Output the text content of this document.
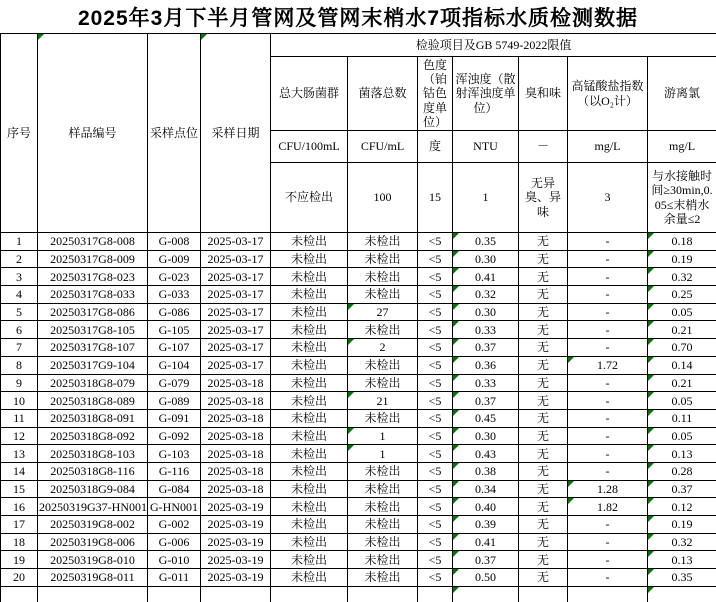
2025年3月下半月管网及管网末梢水7项指标水质检测数据
序号	样品编号	采样点位	采样日期	检验项目及GB 5749-2022限值						
				总大肠菌群	菌落总数	色度（铂钴色度单位）	浑浊度（散射浑浊度单位）	臭和味	高锰酸盐指数（以O₂计）	游离氯
				CFU/100mL	CFU/mL	度	NTU	－	mg/L	mg/L
				不应检出	100	15	1	无异臭、异味	3	与水接触时间≥30min,0.05≤末梢水余量≤2
1	20250317G8-008	G-008	2025-03-17	未检出	未检出	<5	0.35	无	-	0.18

2	20250317G8-009	G-009	2025-03-17	未检出	未检出	<5	0.30	无	-	0.19

3	20250317G8-023	G-023	2025-03-17	未检出	未检出	<5	0.41	无	-	0.32

4	20250317G8-033	G-033	2025-03-17	未检出	未检出	<5	0.32	无	-	0.25

5	20250317G8-086	G-086	2025-03-17	未检出	27	<5	0.30	无	-	0.05

6	20250317G8-105	G-105	2025-03-17	未检出	未检出	<5	0.33	无	-	0.21

7	20250317G8-107	G-107	2025-03-17	未检出	2	<5	0.37	无	-	0.70

8	20250317G9-104	G-104	2025-03-17	未检出	未检出	<5	0.36	无	1.72	0.14

9	20250318G8-079	G-079	2025-03-18	未检出	未检出	<5	0.33	无	-	0.21

10	20250318G8-089	G-089	2025-03-18	未检出	21	<5	0.37	无	-	0.05

11	20250318G8-091	G-091	2025-03-18	未检出	未检出	<5	0.45	无	-	0.11

12	20250318G8-092	G-092	2025-03-18	未检出	1	<5	0.30	无	-	0.05

13	20250318G8-103	G-103	2025-03-18	未检出	1	<5	0.43	无	-	0.13

14	20250318G8-116	G-116	2025-03-18	未检出	未检出	<5	0.38	无	-	0.28

15	20250318G9-084	G-084	2025-03-18	未检出	未检出	<5	0.34	无	1.28	0.37

16	20250319G37-HN001	G-HN001	2025-03-19	未检出	未检出	<5	0.40	无	1.82	0.12

17	20250319G8-002	G-002	2025-03-19	未检出	未检出	<5	0.39	无	-	0.19

18	20250319G8-006	G-006	2025-03-19	未检出	未检出	<5	0.41	无	-	0.32

19	20250319G8-010	G-010	2025-03-19	未检出	未检出	<5	0.37	无	-	0.13

20	20250319G8-011	G-011	2025-03-19	未检出	未检出	<5	0.50	无	-	0.35
